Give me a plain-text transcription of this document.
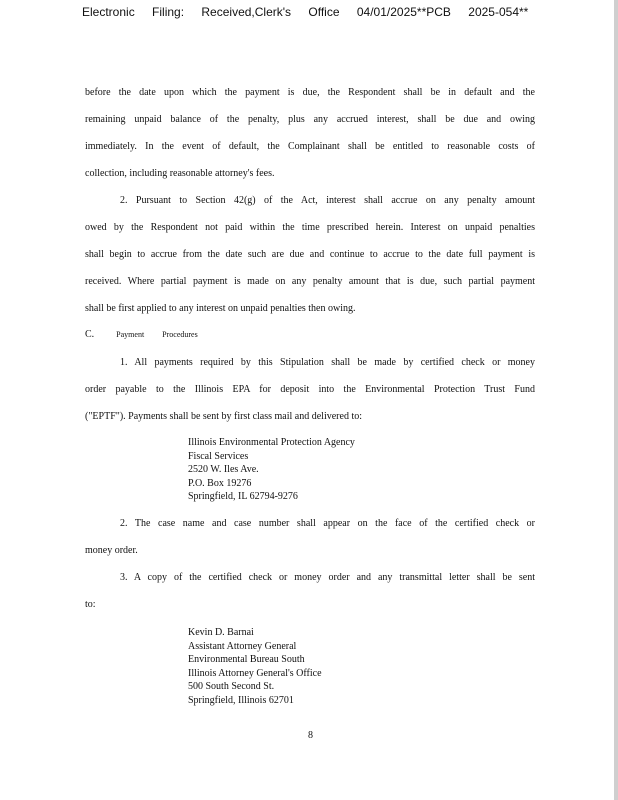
Electronic Filing: Received,Clerk's Office 04/01/2025**PCB 2025-054**
before the date upon which the payment is due, the Respondent shall be in default and the
remaining unpaid balance of the penalty, plus any accrued interest, shall be due and owing
immediately. In the event of default, the Complainant shall be entitled to reasonable costs of
collection, including reasonable attorney's fees.
2. Pursuant to Section 42(g) of the Act, interest shall accrue on any penalty amount
owed by the Respondent not paid within the time prescribed herein. Interest on unpaid penalties
shall begin to accrue from the date such are due and continue to accrue to the date full payment is
received. Where partial payment is made on any penalty amount that is due, such partial payment
shall be first applied to any interest on unpaid penalties then owing.
C.	Payment Procedures
1. All payments required by this Stipulation shall be made by certified check or money
order payable to the Illinois EPA for deposit into the Environmental Protection Trust Fund
("EPTF"). Payments shall be sent by first class mail and delivered to:
Illinois Environmental Protection Agency
Fiscal Services
2520 W. Iles Ave.
P.O. Box 19276
Springfield, IL 62794-9276
2. The case name and case number shall appear on the face of the certified check or
money order.
3. A copy of the certified check or money order and any transmittal letter shall be sent
to:
Kevin D. Barnai
Assistant Attorney General
Environmental Bureau South
Illinois Attorney General's Office
500 South Second St.
Springfield, Illinois 62701
8
